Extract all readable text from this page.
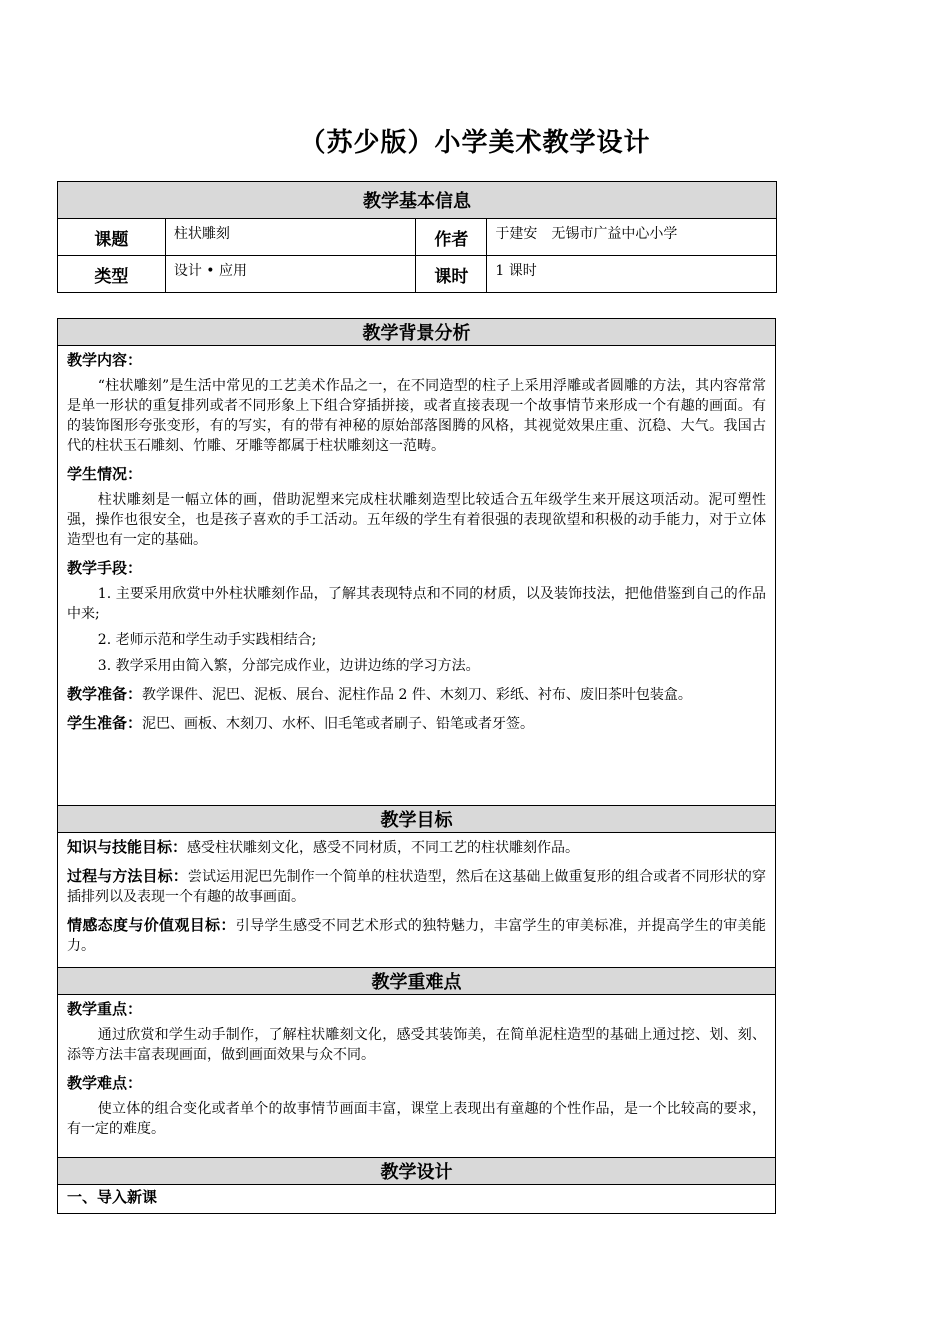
（苏少版）小学美术教学设计
教学基本信息			
课题	柱状雕刻	作者	于建安　无锡市广益中心小学
类型	设计 • 应用	课时	1 课时
教学背景分析

教学内容：

“柱状雕刻”是生活中常见的工艺美术作品之一，在不同造型的柱子上采用浮雕或者圆雕的方法，其内容常常是单一形状的重复排列或者不同形象上下组合穿插拼接，或者直接表现一个故事情节来形成一个有趣的画面。有的装饰图形夸张变形，有的写实，有的带有神秘的原始部落图腾的风格，其视觉效果庄重、沉稳、大气。我国古代的柱状玉石雕刻、竹雕、牙雕等都属于柱状雕刻这一范畴。

学生情况：

柱状雕刻是一幅立体的画，借助泥塑来完成柱状雕刻造型比较适合五年级学生来开展这项活动。泥可塑性强，操作也很安全，也是孩子喜欢的手工活动。五年级的学生有着很强的表现欲望和积极的动手能力，对于立体造型也有一定的基础。

教学手段：

1. 主要采用欣赏中外柱状雕刻作品，了解其表现特点和不同的材质，以及装饰技法，把他借鉴到自己的作品中来;

2. 老师示范和学生动手实践相结合;

3. 教学采用由简入繁，分部完成作业，边讲边练的学习方法。

教学准备：教学课件、泥巴、泥板、展台、泥柱作品 2 件、木刻刀、彩纸、衬布、废旧茶叶包装盒。

学生准备：泥巴、画板、木刻刀、水杯、旧毛笔或者刷子、铅笔或者牙签。

教学目标

知识与技能目标：感受柱状雕刻文化，感受不同材质，不同工艺的柱状雕刻作品。

过程与方法目标：尝试运用泥巴先制作一个简单的柱状造型，然后在这基础上做重复形的组合或者不同形状的穿插排列以及表现一个有趣的故事画面。

情感态度与价值观目标：引导学生感受不同艺术形式的独特魅力，丰富学生的审美标准，并提高学生的审美能力。

教学重难点

教学重点：

通过欣赏和学生动手制作，了解柱状雕刻文化，感受其装饰美，在简单泥柱造型的基础上通过挖、划、刻、添等方法丰富表现画面，做到画面效果与众不同。

教学难点：

使立体的组合变化或者单个的故事情节画面丰富，课堂上表现出有童趣的个性作品，是一个比较高的要求，有一定的难度。

教学设计

一、导入新课
